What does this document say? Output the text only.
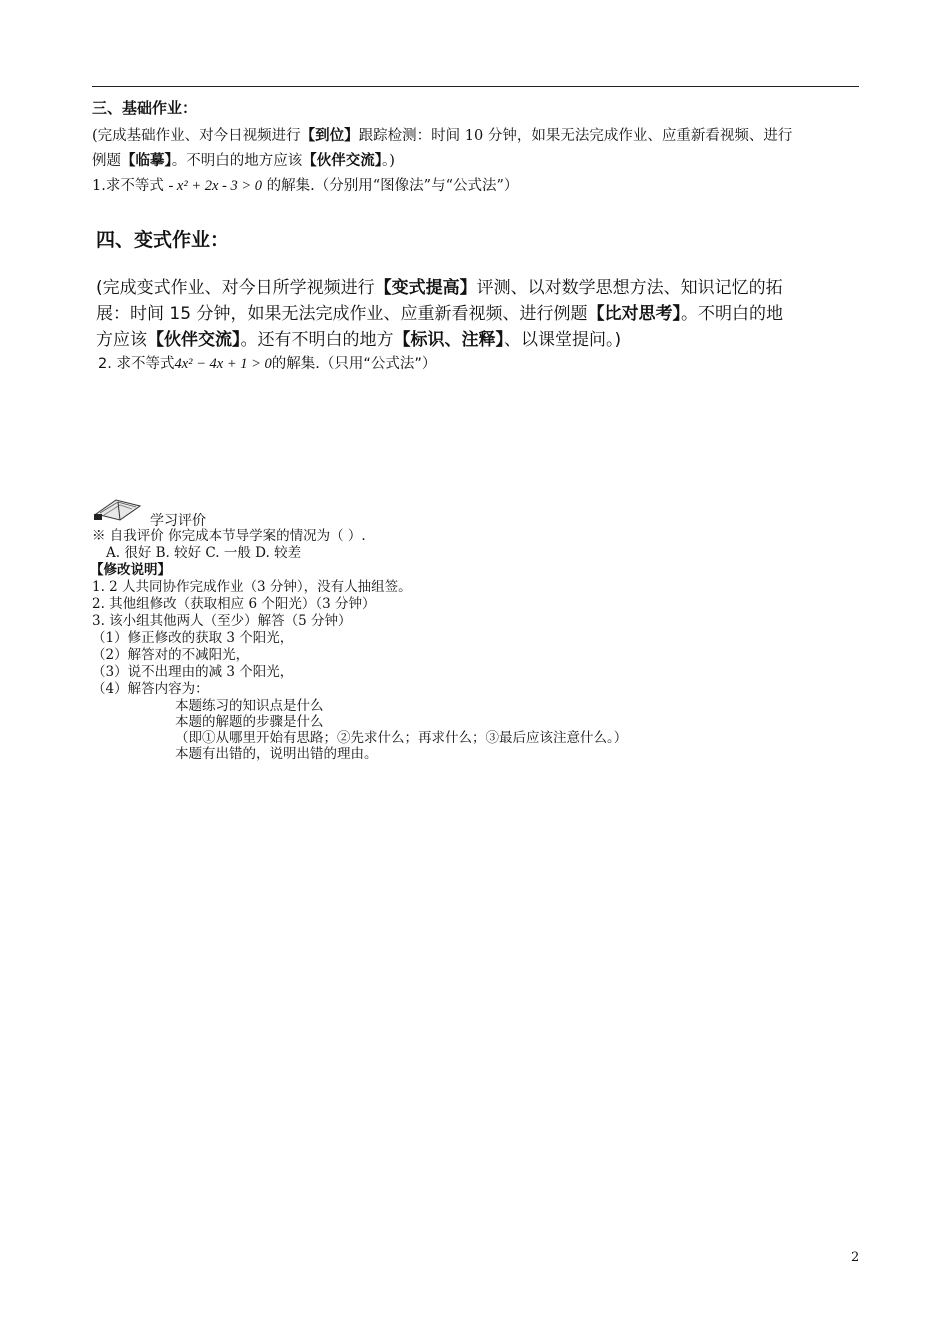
三、基础作业：
(完成基础作业、对今日视频进行【到位】跟踪检测：时间 10 分钟，如果无法完成作业、应重新看视频、进行
例题【临摹】。不明白的地方应该【伙伴交流】。)
1.求不等式 - x² + 2x - 3 > 0 的解集.（分别用“图像法”与“公式法”）
四、变式作业：
(完成变式作业、对今日所学视频进行【变式提高】评测、以对数学思想方法、知识记忆的拓
展：时间 15 分钟，如果无法完成作业、应重新看视频、进行例题【比对思考】。不明白的地
方应该【伙伴交流】。还有不明白的地方【标识、注释】、以课堂提问。)
2. 求不等式4x² − 4x + 1 > 0的解集.（只用“公式法”）
学习评价
※ 自我评价 你完成本节导学案的情况为（ ）.
A. 很好 B. 较好 C. 一般 D. 较差
【修改说明】
1. 2 人共同协作完成作业（3 分钟），没有人抽组签。
2. 其他组修改（获取相应 6 个阳光）（3 分钟）
3. 该小组其他两人（至少）解答（5 分钟）
（1）修正修改的获取 3 个阳光，
（2）解答对的不减阳光，
（3）说不出理由的减 3 个阳光，
（4）解答内容为：
本题练习的知识点是什么
本题的解题的步骤是什么
（即①从哪里开始有思路；②先求什么；再求什么；③最后应该注意什么。）
本题有出错的，说明出错的理由。
2
